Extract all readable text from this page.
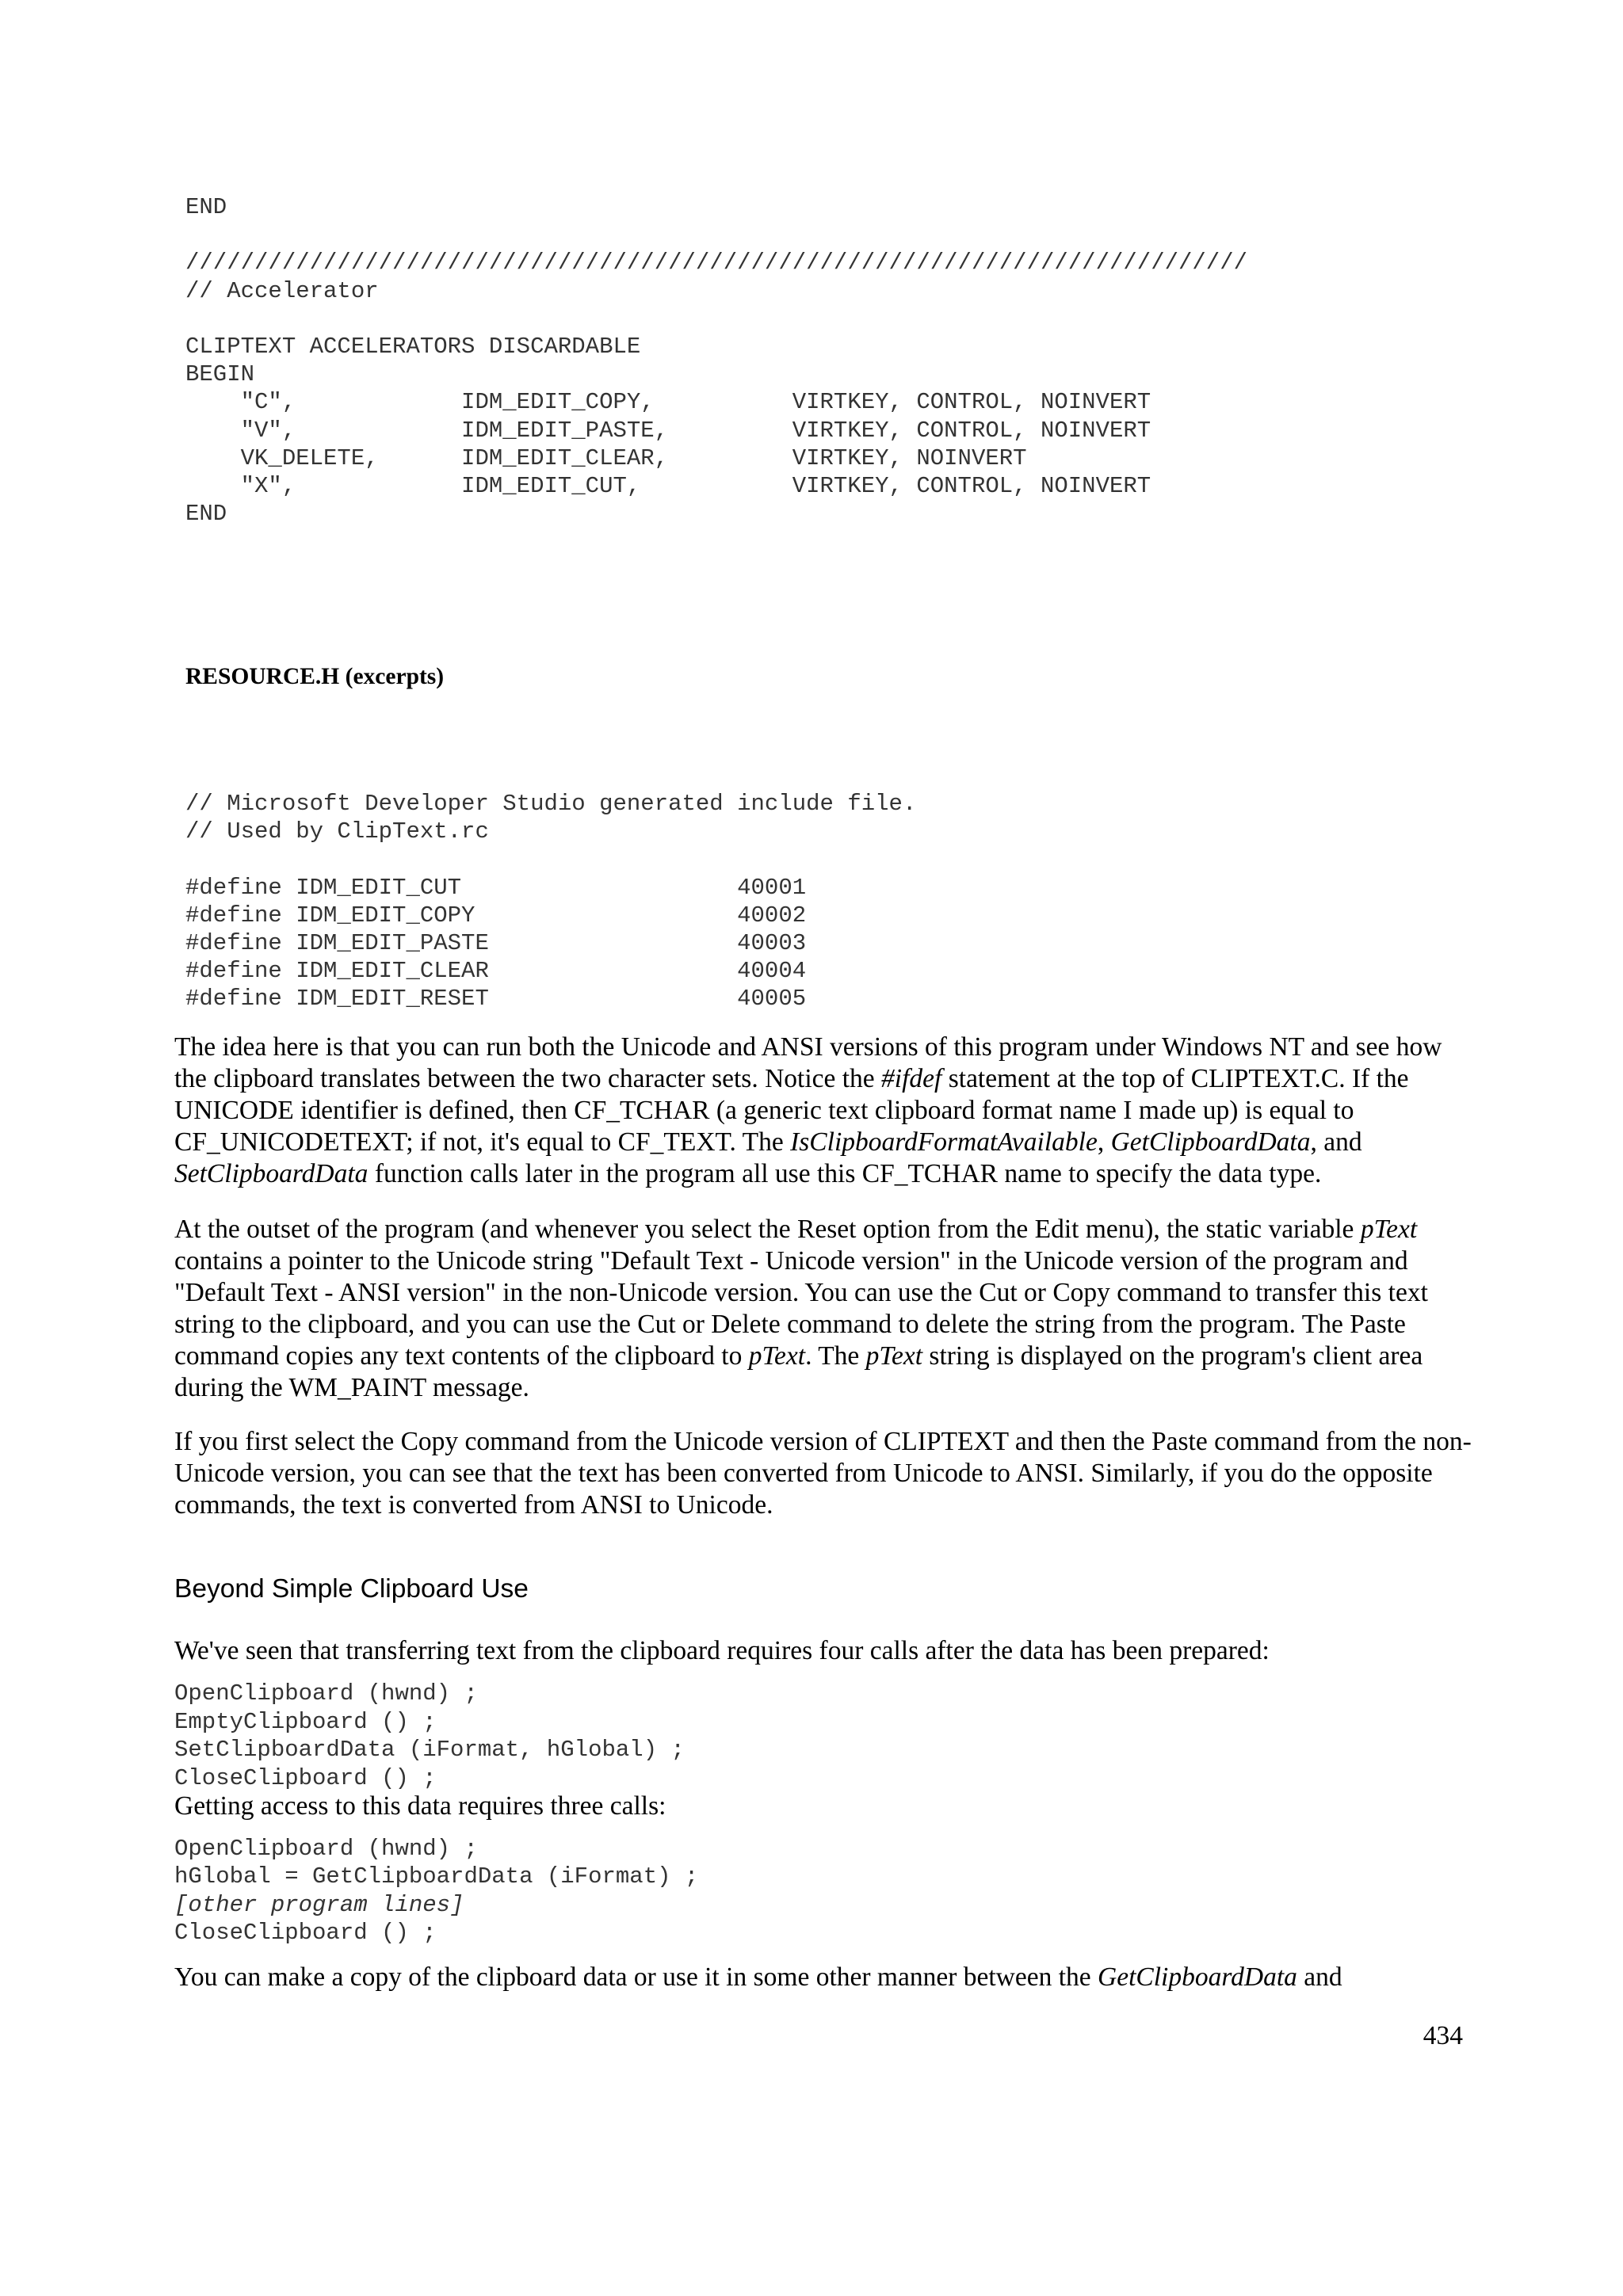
END

/////////////////////////////////////////////////////////////////////////////
// Accelerator

CLIPTEXT ACCELERATORS DISCARDABLE
BEGIN
"C",            IDM_EDIT_COPY,          VIRTKEY, CONTROL, NOINVERT
"V",            IDM_EDIT_PASTE,         VIRTKEY, CONTROL, NOINVERT
VK_DELETE,      IDM_EDIT_CLEAR,         VIRTKEY, NOINVERT
"X",            IDM_EDIT_CUT,           VIRTKEY, CONTROL, NOINVERT
END
RESOURCE.H (excerpts)
// Microsoft Developer Studio generated include file.
// Used by ClipText.rc

#define IDM_EDIT_CUT                    40001
#define IDM_EDIT_COPY                   40002
#define IDM_EDIT_PASTE                  40003
#define IDM_EDIT_CLEAR                  40004
#define IDM_EDIT_RESET                  40005

The idea here is that you can run both the Unicode and ANSI versions of this program under Windows NT and see how the clipboard translates between the two character sets. Notice the #ifdef statement at the top of CLIPTEXT.C. If the UNICODE identifier is defined, then CF_TCHAR (a generic text clipboard format name I made up) is equal to CF_UNICODETEXT; if not, it's equal to CF_TEXT. The IsClipboardFormatAvailable, GetClipboardData, and SetClipboardData function calls later in the program all use this CF_TCHAR name to specify the data type.

At the outset of the program (and whenever you select the Reset option from the Edit menu), the static variable pText contains a pointer to the Unicode string "Default Text - Unicode version" in the Unicode version of the program and "Default Text - ANSI version" in the non-Unicode version. You can use the Cut or Copy command to transfer this text string to the clipboard, and you can use the Cut or Delete command to delete the string from the program. The Paste command copies any text contents of the clipboard to pText. The pText string is displayed on the program's client area during the WM_PAINT message.

If you first select the Copy command from the Unicode version of CLIPTEXT and then the Paste command from the non-Unicode version, you can see that the text has been converted from Unicode to ANSI. Similarly, if you do the opposite commands, the text is converted from ANSI to Unicode.

Beyond Simple Clipboard Use

We've seen that transferring text from the clipboard requires four calls after the data has been prepared:

OpenClipboard (hwnd) ;
EmptyClipboard () ;
SetClipboardData (iFormat, hGlobal) ;
CloseClipboard () ;

Getting access to this data requires three calls:

OpenClipboard (hwnd) ;
hGlobal = GetClipboardData (iFormat) ;
[other program lines]
CloseClipboard () ;

You can make a copy of the clipboard data or use it in some other manner between the GetClipboardData and

434
